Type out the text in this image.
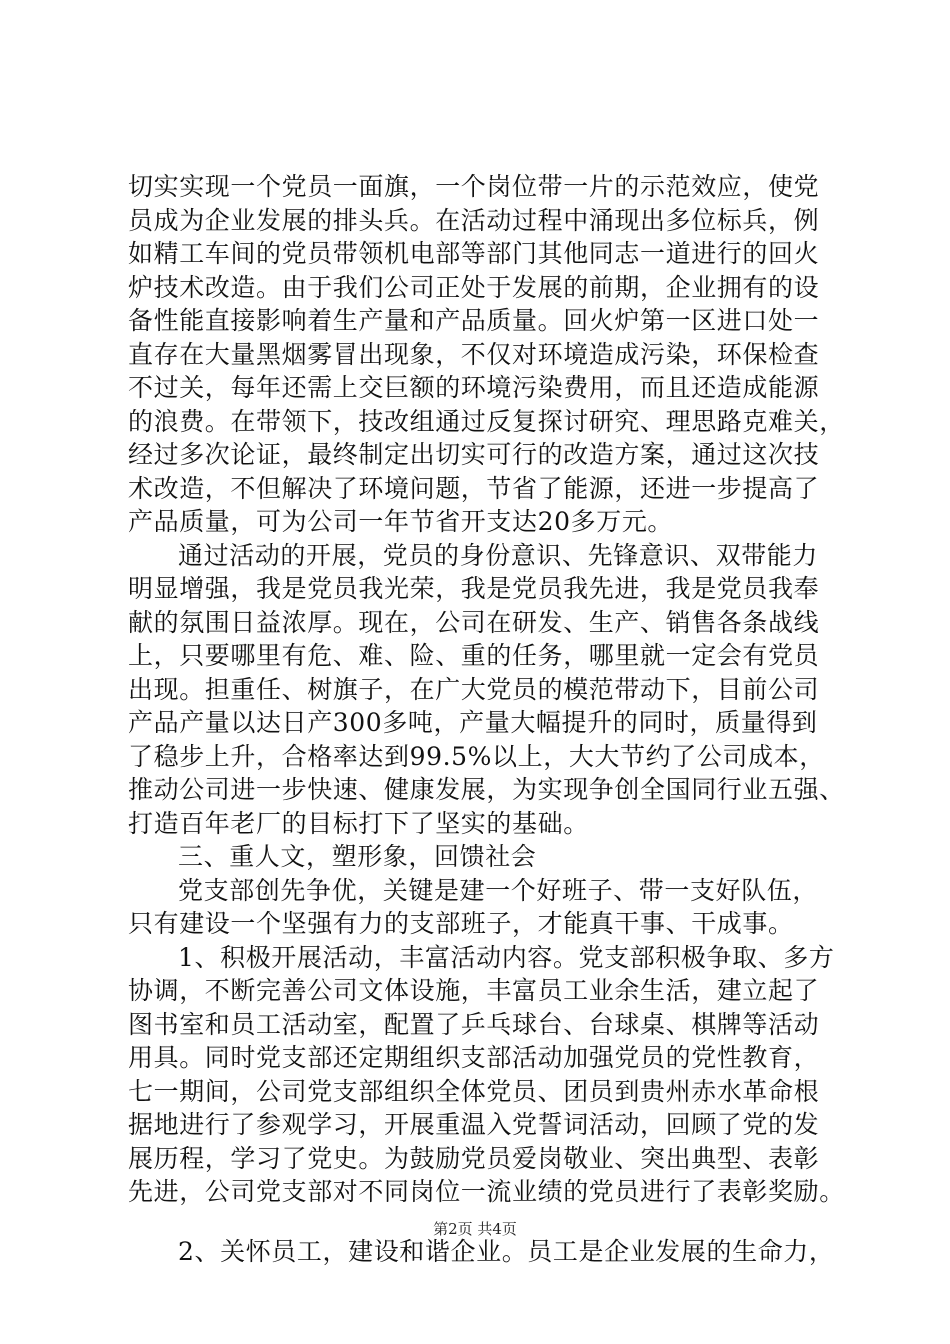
切实实现一个党员一面旗，一个岗位带一片的示范效应，使党
员成为企业发展的排头兵。在活动过程中涌现出多位标兵，例
如精工车间的党员带领机电部等部门其他同志一道进行的回火
炉技术改造。由于我们公司正处于发展的前期，企业拥有的设
备性能直接影响着生产量和产品质量。回火炉第一区进口处一
直存在大量黑烟雾冒出现象，不仅对环境造成污染，环保检查
不过关，每年还需上交巨额的环境污染费用，而且还造成能源
的浪费。在带领下，技改组通过反复探讨研究、理思路克难关，
经过多次论证，最终制定出切实可行的改造方案，通过这次技
术改造，不但解决了环境问题，节省了能源，还进一步提高了
产品质量，可为公司一年节省开支达20多万元。
通过活动的开展，党员的身份意识、先锋意识、双带能力
明显增强，我是党员我光荣，我是党员我先进，我是党员我奉
献的氛围日益浓厚。现在，公司在研发、生产、销售各条战线
上，只要哪里有危、难、险、重的任务，哪里就一定会有党员
出现。担重任、树旗子，在广大党员的模范带动下，目前公司
产品产量以达日产300多吨，产量大幅提升的同时，质量得到
了稳步上升，合格率达到99.5%以上，大大节约了公司成本，
推动公司进一步快速、健康发展，为实现争创全国同行业五强、
打造百年老厂的目标打下了坚实的基础。
三、重人文，塑形象，回馈社会
党支部创先争优，关键是建一个好班子、带一支好队伍，
只有建设一个坚强有力的支部班子，才能真干事、干成事。
1、积极开展活动，丰富活动内容。党支部积极争取、多方
协调，不断完善公司文体设施，丰富员工业余生活，建立起了
图书室和员工活动室，配置了乒乓球台、台球桌、棋牌等活动
用具。同时党支部还定期组织支部活动加强党员的党性教育，
七一期间，公司党支部组织全体党员、团员到贵州赤水革命根
据地进行了参观学习，开展重温入党誓词活动，回顾了党的发
展历程，学习了党史。为鼓励党员爱岗敬业、突出典型、表彰
先进，公司党支部对不同岗位一流业绩的党员进行了表彰奖励。
2、关怀员工，建设和谐企业。员工是企业发展的生命力，
第2页 共4页
